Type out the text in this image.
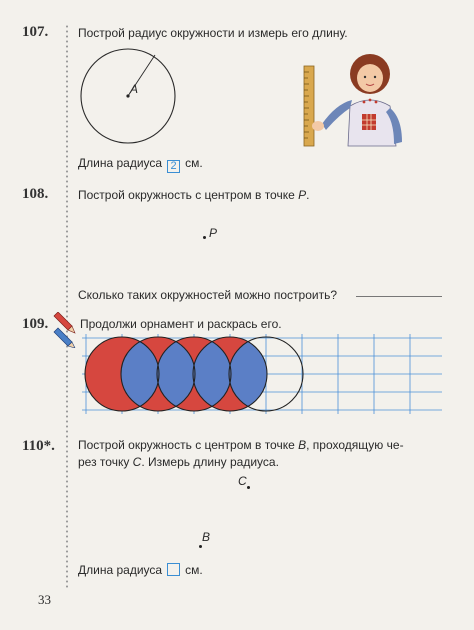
107. Построй радиус окружности и измерь его длину.
A
Длина радиуса 2 см.
108. Построй окружность с центром в точке P.
P
Сколько таких окружностей можно построить?
109.	Продолжи орнамент и раскрась его.
110*. Построй окружность с центром в точке B, проходящую че-
рез точку C. Измерь длину радиуса.
C
B
Длина радиуса см.
33
